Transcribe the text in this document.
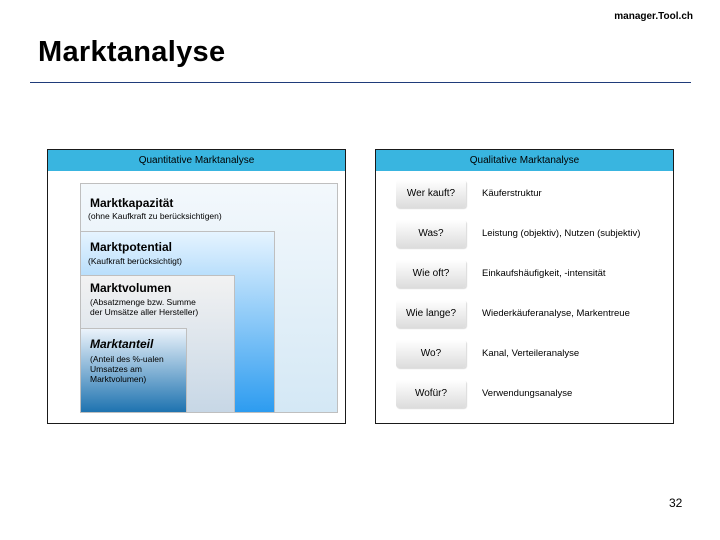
manager.Tool.ch
Marktanalyse
Quantitative Marktanalyse
Marktkapazität
(ohne Kaufkraft zu berücksichtigen)
Marktpotential
(Kaufkraft berücksichtigt)
Marktvolumen
(Absatzmenge bzw. Summe
der Umsätze aller Hersteller)
Marktanteil
(Anteil des %-ualen
Umsatzes am
Marktvolumen)
Qualitative Marktanalyse
Wer kauft?	Käuferstruktur
Was?	Leistung (objektiv), Nutzen (subjektiv)
Wie oft?	Einkaufshäufigkeit, -intensität
Wie lange?	Wiederkäuferanalyse, Markentreue
Wo?	Kanal, Verteileranalyse
Wofür?	Verwendungsanalyse
32
